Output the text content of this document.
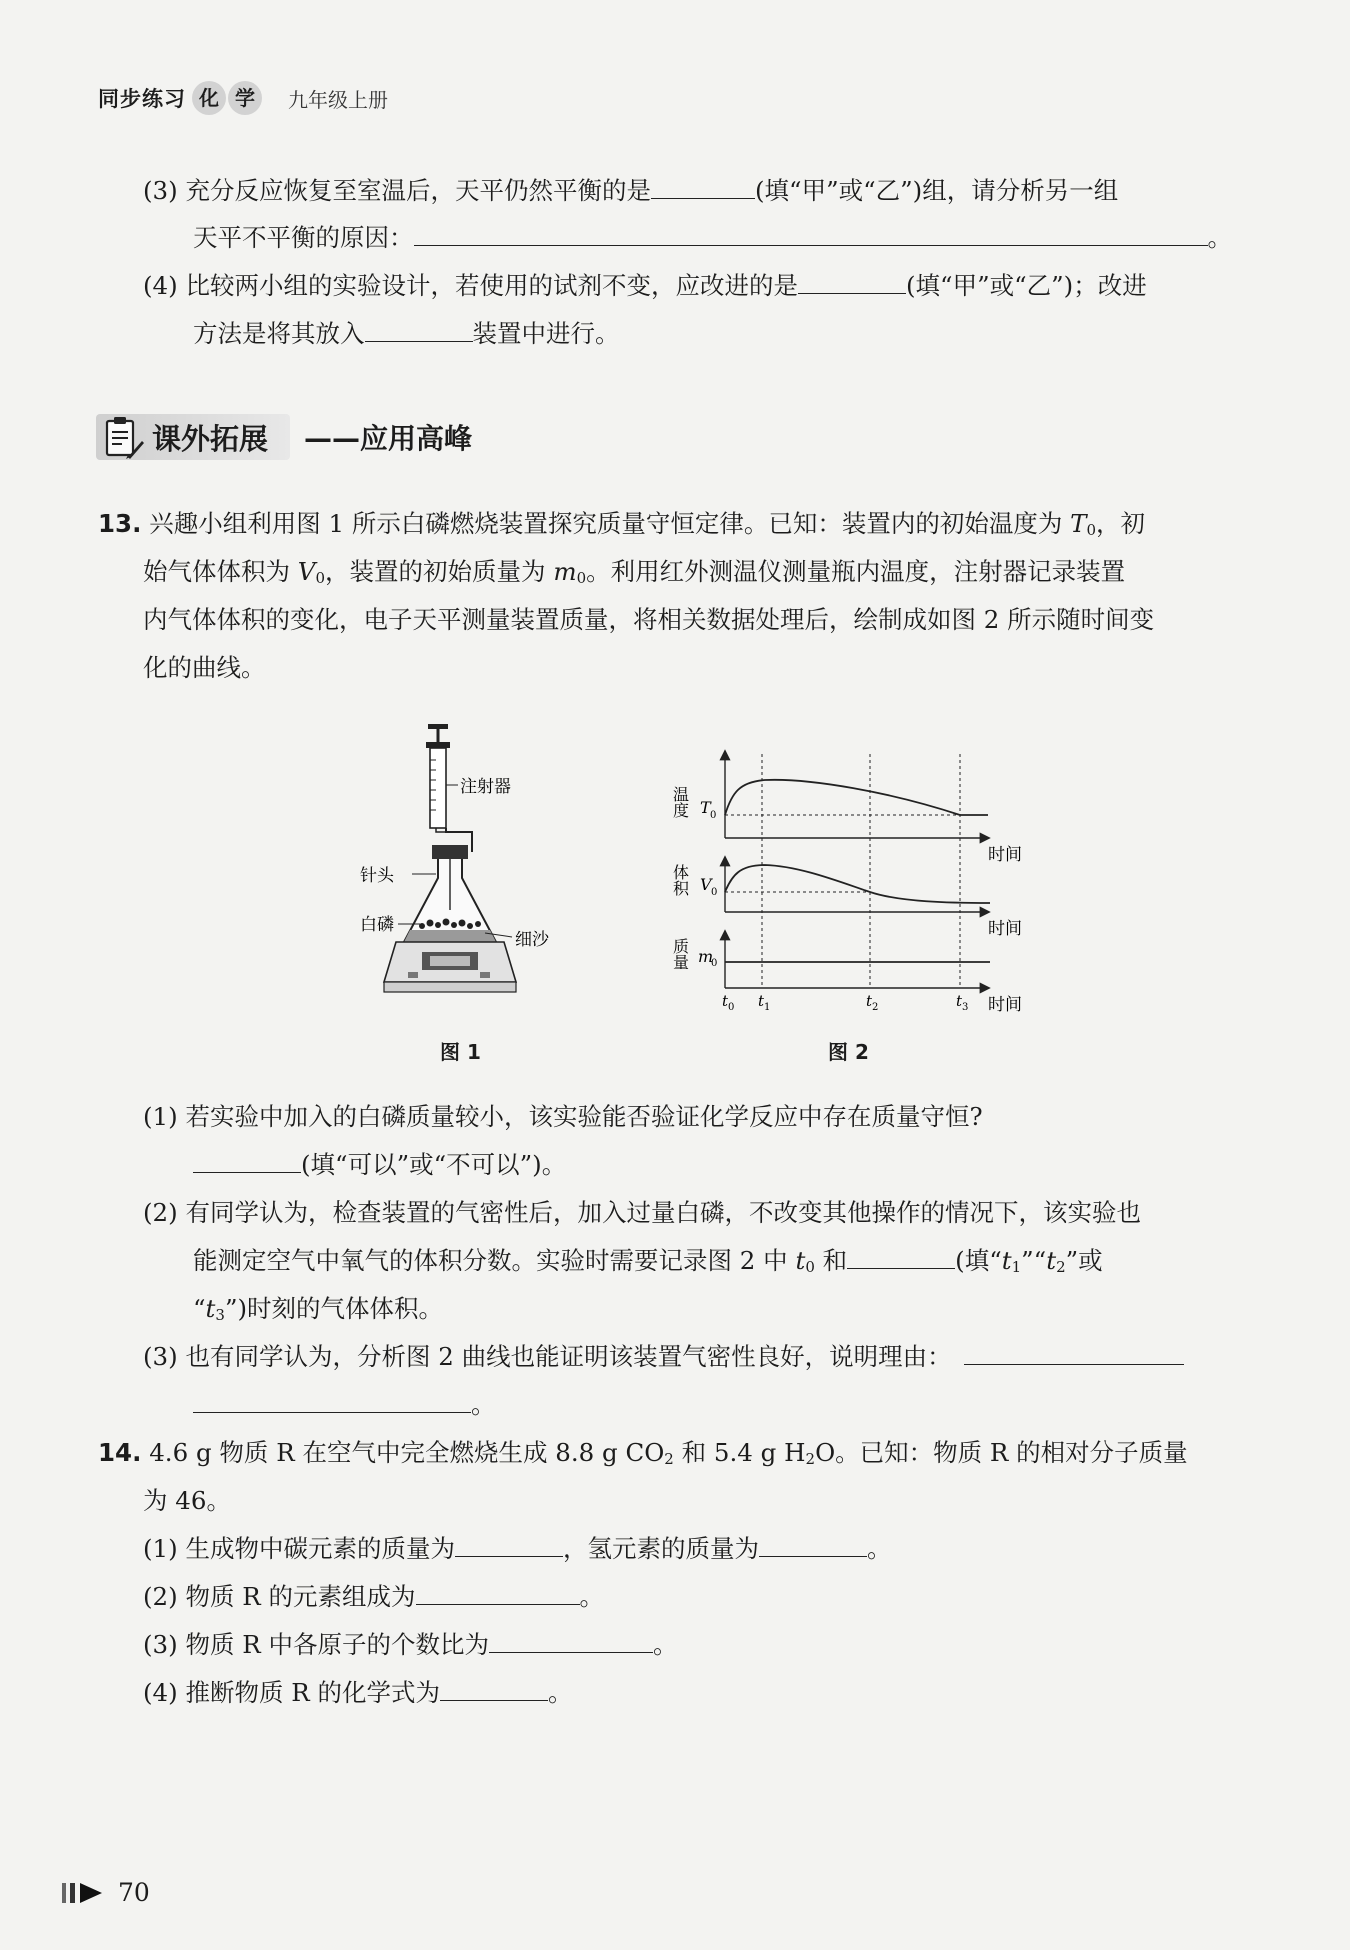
同步练习 化 学	九年级上册
(3) 充分反应恢复至室温后，天平仍然平衡的是	(填“甲”或“乙”)组，请分析另一组
天平不平衡的原因：	。
(4) 比较两小组的实验设计，若使用的试剂不变，应改进的是	(填“甲”或“乙”)；改进
方法是将其放入	装置中进行。
课外拓展 ——应用高峰
13. 兴趣小组利用图 1 所示白磷燃烧装置探究质量守恒定律。已知：装置内的初始温度为 $T_0$，初
始气体体积为 $V_0$，装置的初始质量为 $m_0$。利用红外测温仪测量瓶内温度，注射器记录装置
内气体体积的变化，电子天平测量装置质量，将相关数据处理后，绘制成如图 2 所示随时间变
化的曲线。
注射器
针头
白磷
细沙
图 1
温度 T 0
体积 V 0
质量 m
0
时间
时间
时间
t 0 t 1	t 2	t 3
图 2
(1) 若实验中加入的白磷质量较小，该实验能否验证化学反应中存在质量守恒?
(填“可以”或“不可以”)。
(2) 有同学认为，检查装置的气密性后，加入过量白磷，不改变其他操作的情况下，该实验也
能测定空气中氧气的体积分数。实验时需要记录图 2 中 $t_0$ 和	(填“$t_1”“t_2$”或
“$t_3$”)时刻的气体体积。
(3) 也有同学认为，分析图 2 曲线也能证明该装置气密性良好，说明理由：
。
14. 4.6 g 物质 R 在空气中完全燃烧生成 8.8 g $CO_2$ 和 5.4 g $H_2O$。已知：物质 R 的相对分子质量
为 46。
(1) 生成物中碳元素的质量为	，氢元素的质量为	。
(2) 物质 R 的元素组成为	。
(3) 物质 R 中各原子的个数比为	。
(4) 推断物质 R 的化学式为	。
70
